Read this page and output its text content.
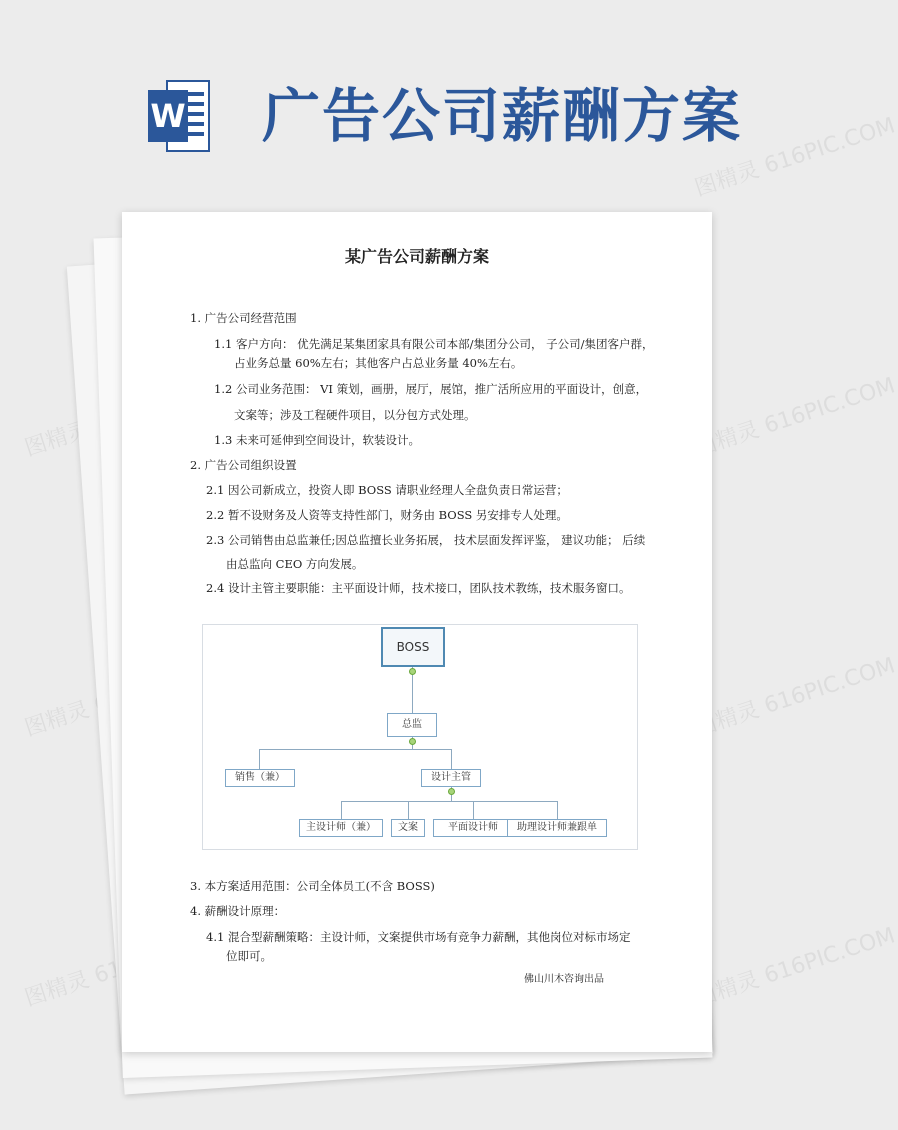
W 广告公司薪酬方案
图精灵 616PIC.COM
图精灵	图精灵 616PIC.COM
图精灵	图精灵 616PIC.COM
图精灵	图精灵 616PIC.COM
某广告公司薪酬方案
1. 广告公司经营范围
1.1 客户方向： 优先满足某集团家具有限公司本部/集团分公司， 子公司/集团客户群，
占业务总量 60%左右；其他客户占总业务量 40%左右。
1.2 公司业务范围： VI 策划，画册，展厅，展馆，推广活所应用的平面设计，创意，
文案等；涉及工程硬件项目，以分包方式处理。
1.3 未来可延伸到空间设计，软装设计。
2. 广告公司组织设置
2.1 因公司新成立，投资人即 BOSS 请职业经理人全盘负责日常运营；
2.2 暂不设财务及人资等支持性部门，财务由 BOSS 另安排专人处理。
2.3 公司销售由总监兼任;因总监擅长业务拓展， 技术层面发挥评鉴， 建议功能； 后续
由总监向 CEO 方向发展。
2.4 设计主管主要职能：主平面设计师，技术接口，团队技术教练，技术服务窗口。
BOSS
总监
销售（兼）	设计主管
主设计师（兼）	文案	平面设计师	助理设计师兼跟单
3. 本方案适用范围：公司全体员工(不含 BOSS)
4. 薪酬设计原理：
4.1 混合型薪酬策略：主设计师，文案提供市场有竞争力薪酬，其他岗位对标市场定
位即可。
佛山川木咨询出品
